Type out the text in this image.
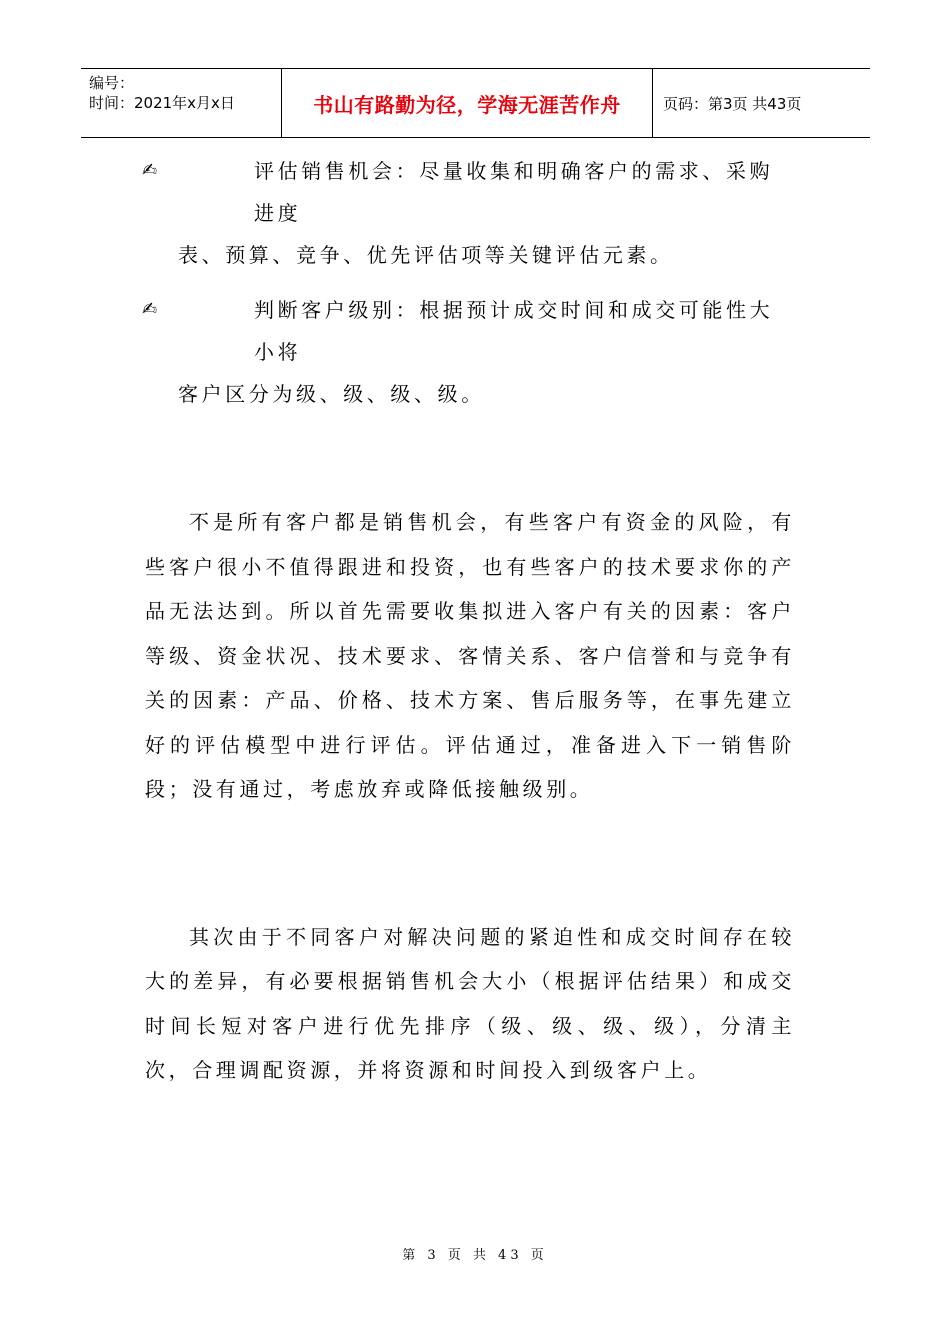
编号：
时间：2021年x月x日	书山有路勤为径，学海无涯苦作舟	页码：第3页 共43页
✍	评估销售机会：尽量收集和明确客户的需求、采购进度
表、预算、竞争、优先评估项等关键评估元素。
✍	判断客户级别：根据预计成交时间和成交可能性大小将
客户区分为级、级、级、级。

不是所有客户都是销售机会，有些客户有资金的风险，有些客户很小不值得跟进和投资，也有些客户的技术要求你的产品无法达到。所以首先需要收集拟进入客户有关的因素：客户等级、资金状况、技术要求、客情关系、客户信誉和与竞争有关的因素：产品、价格、技术方案、售后服务等，在事先建立好的评估模型中进行评估。评估通过，准备进入下一销售阶段；没有通过，考虑放弃或降低接触级别。

其次由于不同客户对解决问题的紧迫性和成交时间存在较大的差异，有必要根据销售机会大小（根据评估结果）和成交时间长短对客户进行优先排序（级、级、级、级），分清主次，合理调配资源，并将资源和时间投入到级客户上。

第 3 页 共 43 页
